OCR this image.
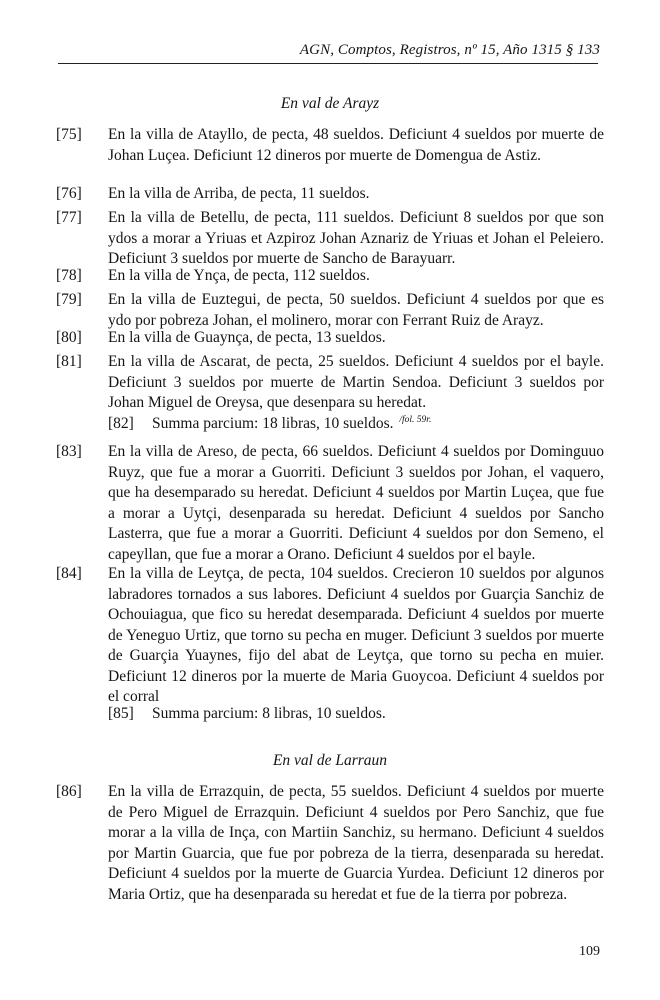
AGN, Comptos, Registros, nº 15, Año 1315 § 133
En val de Arayz
[75]	En la villa de Atayllo, de pecta, 48 sueldos. Deficiunt 4 sueldos por muerte de Johan Luçea. Deficiunt 12 dineros por muerte de Domengua de Astiz.
[76]	En la villa de Arriba, de pecta, 11 sueldos.
[77]	En la villa de Betellu, de pecta, 111 sueldos. Deficiunt 8 sueldos por que son ydos a morar a Yriuas et Azpiroz Johan Aznariz de Yriuas et Johan el Peleiero. Deficiunt 3 sueldos por muerte de Sancho de Barayuarr.
[78]	En la villa de Ynça, de pecta, 112 sueldos.
[79]	En la villa de Euztegui, de pecta, 50 sueldos. Deficiunt 4 sueldos por que es ydo por pobreza Johan, el molinero, morar con Ferrant Ruiz de Arayz.
[80]	En la villa de Guaynça, de pecta, 13 sueldos.
[81]	En la villa de Ascarat, de pecta, 25 sueldos. Deficiunt 4 sueldos por el bayle. Deficiunt 3 sueldos por muerte de Martin Sendoa. Deficiunt 3 sueldos por Johan Miguel de Oreysa, que desenpara su heredat.
[82] Summa parcium: 18 libras, 10 sueldos. $^{/fol. 59r.}$
[83]	En la villa de Areso, de pecta, 66 sueldos. Deficiunt 4 sueldos por Dominguuo Ruyz, que fue a morar a Guorriti. Deficiunt 3 sueldos por Johan, el vaquero, que ha desemparado su heredat. Deficiunt 4 sueldos por Martin Luçea, que fue a morar a Uytçi, desenparada su heredat. Deficiunt 4 sueldos por Sancho Lasterra, que fue a morar a Guorriti. Deficiunt 4 sueldos por don Semeno, el capeyllan, que fue a morar a Orano. Deficiunt 4 sueldos por el bayle.
[84]	En la villa de Leytça, de pecta, 104 sueldos. Crecieron 10 sueldos por algunos labradores tornados a sus labores. Deficiunt 4 sueldos por Guarçia Sanchiz de Ochouiagua, que fico su heredat desemparada. Deficiunt 4 sueldos por muerte de Yeneguo Urtiz, que torno su pecha en muger. Deficiunt 3 sueldos por muerte de Guarçia Yuaynes, fijo del abat de Leytça, que torno su pecha en muier. Deficiunt 12 dineros por la muerte de Maria Guoycoa. Deficiunt 4 sueldos por el corral
[85] Summa parcium: 8 libras, 10 sueldos.
En val de Larraun
[86]	En la villa de Errazquin, de pecta, 55 sueldos. Deficiunt 4 sueldos por muerte de Pero Miguel de Errazquin. Deficiunt 4 sueldos por Pero Sanchiz, que fue morar a la villa de Inça, con Martiin Sanchiz, su hermano. Deficiunt 4 sueldos por Martin Guarcia, que fue por pobreza de la tierra, desenparada su heredat. Deficiunt 4 sueldos por la muerte de Guarcia Yurdea. Deficiunt 12 dineros por Maria Ortiz, que ha desenparada su heredat et fue de la tierra por pobreza.
109
